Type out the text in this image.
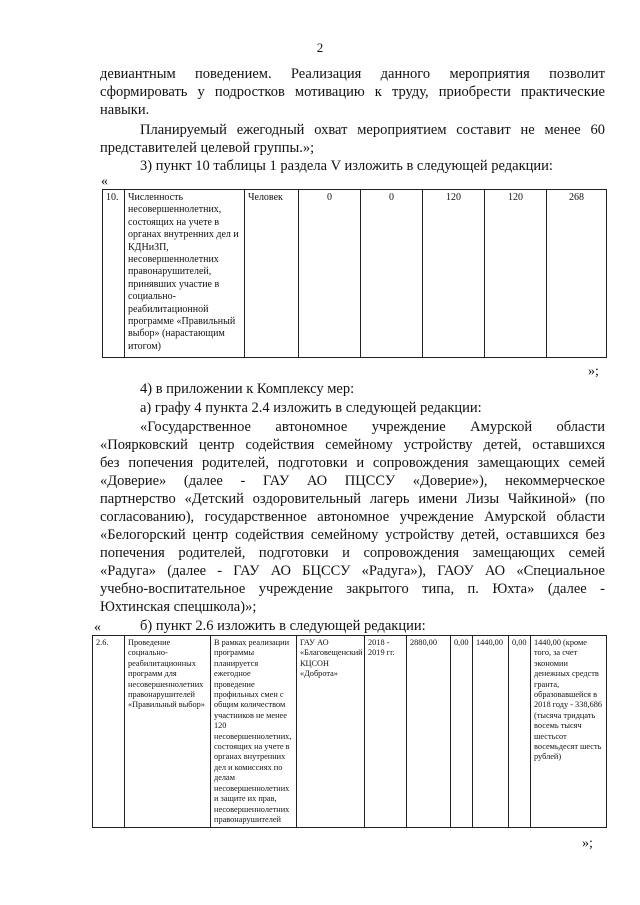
2
девиантным поведением. Реализация данного мероприятия позволит
сформировать у подростков мотивацию к труду, приобрести практические
навыки.
Планируемый ежегодный охват мероприятием составит не менее 60
представителей целевой группы.»;
3) пункт 10 таблицы 1 раздела V изложить в следующей редакции:
«
10.	Численность несовершеннолетних, состоящих на учете в органах внутренних дел и КДНиЗП, несовершеннолетних правонарушителей, принявших участие в социально-реабилитационной программе «Правильный выбор» (нарастающим итогом)	Человек	0	0	120	120	268
»;
4) в приложении к Комплексу мер:
а) графу 4 пункта 2.4 изложить в следующей редакции:
«Государственное автономное учреждение Амурской области
«Поярковский центр содействия семейному устройству детей, оставшихся
без попечения родителей, подготовки и сопровождения замещающих семей
«Доверие» (далее - ГАУ АО ПЦССУ «Доверие»), некоммерческое
партнерство «Детский оздоровительный лагерь имени Лизы Чайкиной» (по
согласованию), государственное автономное учреждение Амурской области
«Белогорский центр содействия семейному устройству детей, оставшихся без
попечения родителей, подготовки и сопровождения замещающих семей
«Радуга» (далее - ГАУ АО БЦССУ «Радуга»), ГАОУ АО «Специальное
учебно-воспитательное учреждение закрытого типа, п. Юхта» (далее -
Юхтинская спецшкола)»;
б) пункт 2.6 изложить в следующей редакции:
«
2.6.	Проведение социально-реабилитационных программ для несовершеннолетних правонарушителей «Правильный выбор»	В рамках реализации программы планируется ежегодное проведение профильных смен с общим количеством участников не менее 120 несовершеннолетних, состоящих на учете в органах внутренних дел и комиссиях по делам несовершеннолетних и защите их прав, несовершеннолетних правонарушителей	ГАУ АО «Благовещенский КЦСОН «Доброта»	2018 - 2019 гг.	2880,00	0,00	1440,00	0,00	1440,00 (кроме того, за счет экономии денежных средств гранта, образовавшейся в 2018 году - 338,686 (тысяча тридцать восемь тысяч шестьсот восемьдесят шесть рублей)
»;
